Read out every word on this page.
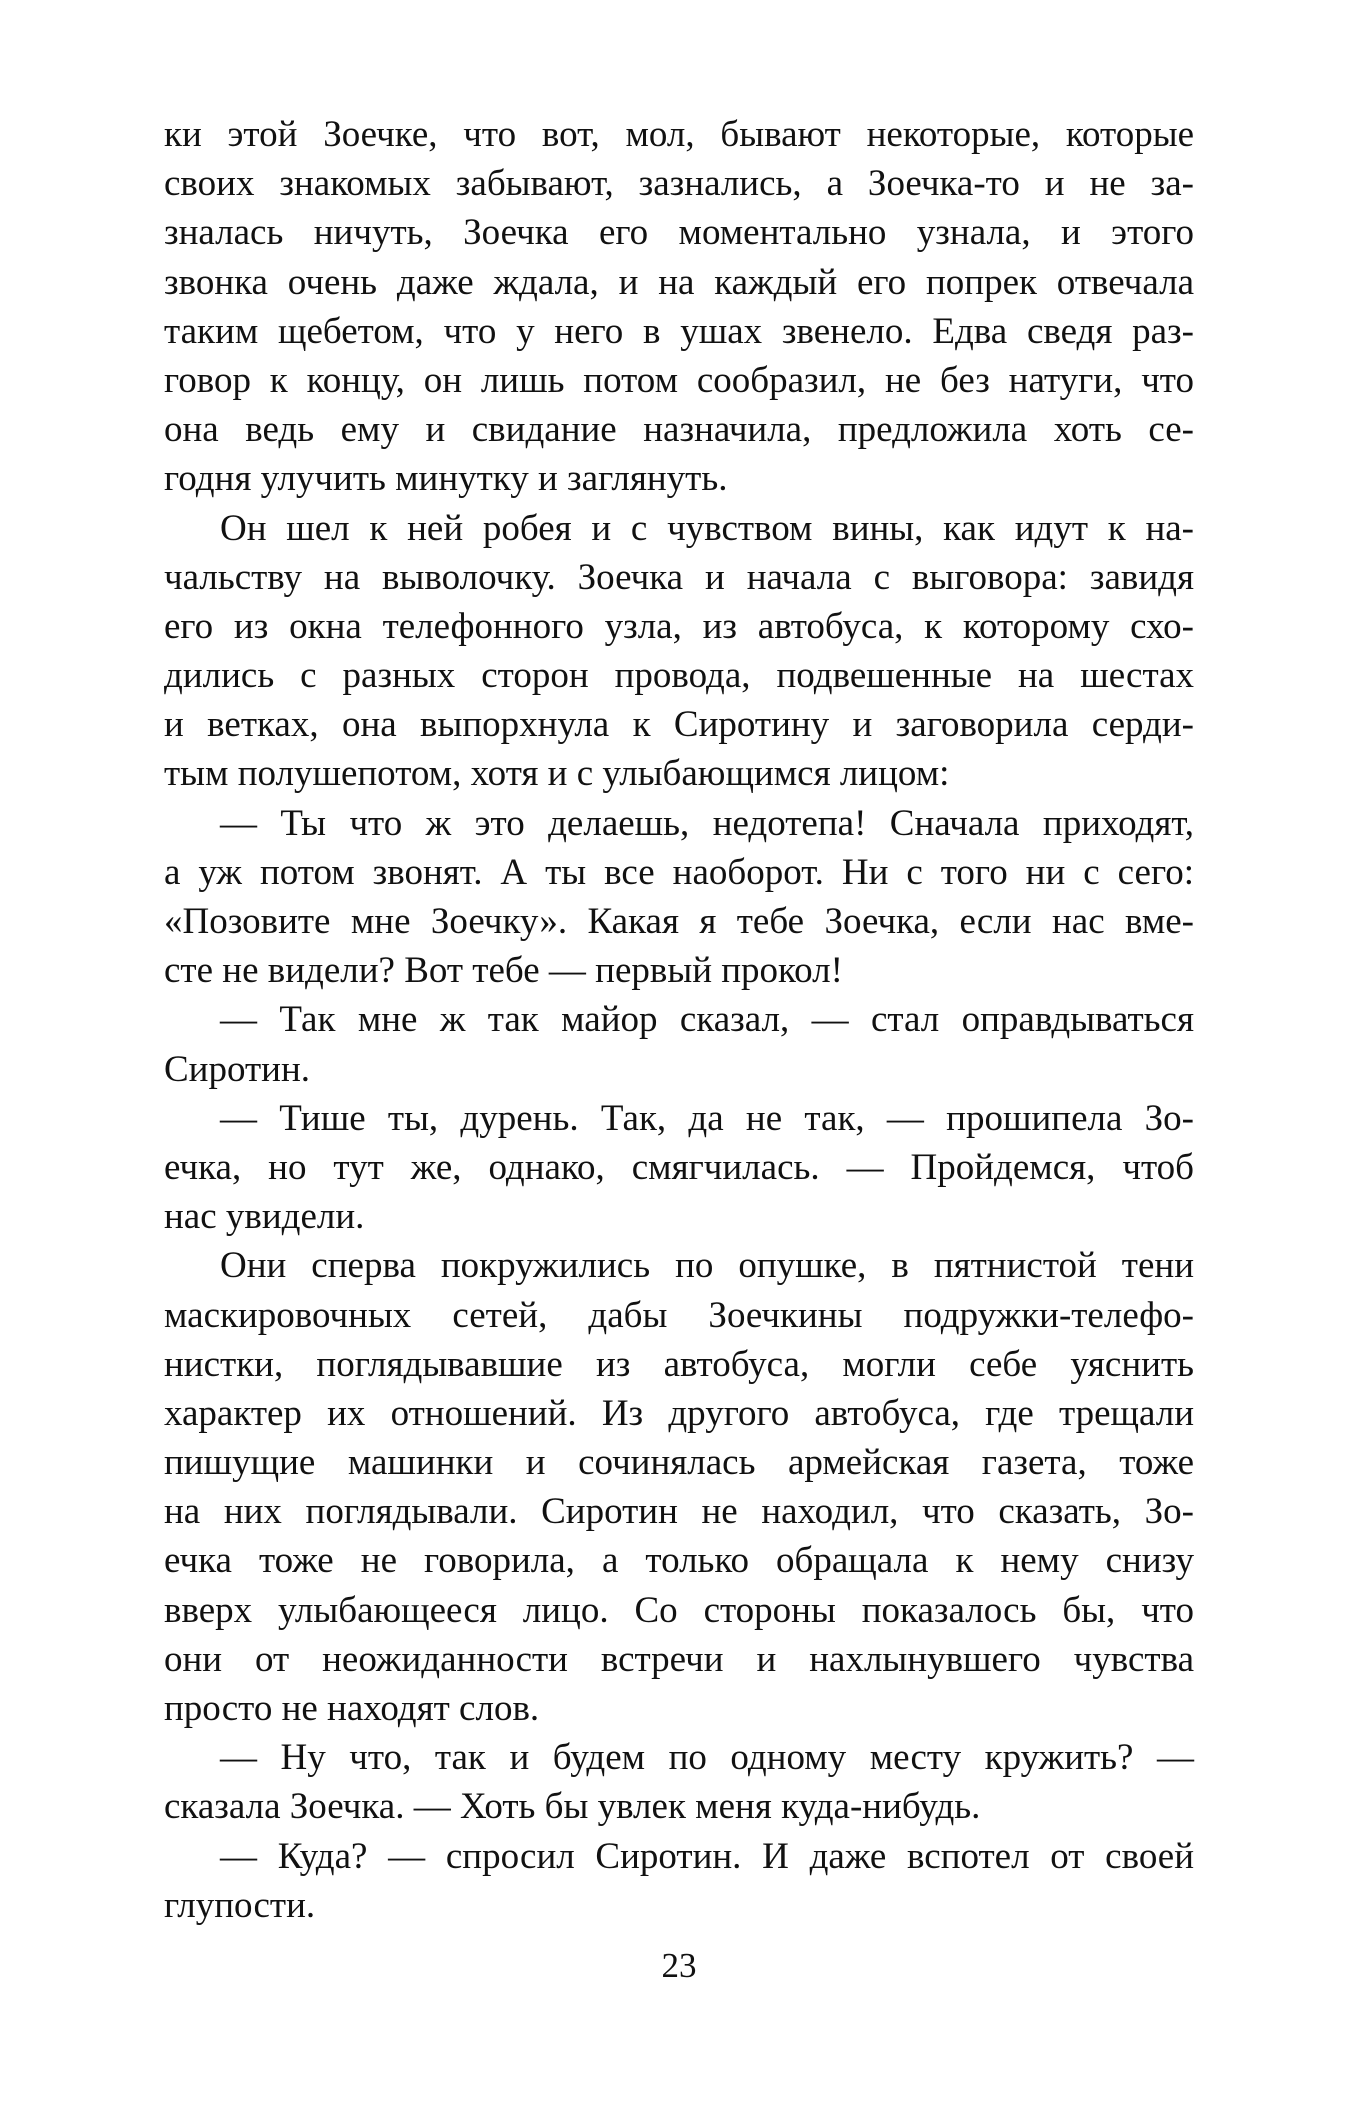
ки этой Зоечке, что вот, мол, бывают некоторые, которые
своих знакомых забывают, зазнались, а Зоечка-то и не за-
зналась ничуть, Зоечка его моментально узнала, и этого
звонка очень даже ждала, и на каждый его попрек отвечала
таким щебетом, что у него в ушах звенело. Едва сведя раз-
говор к концу, он лишь потом сообразил, не без натуги, что
она ведь ему и свидание назначила, предложила хоть се-
годня улучить минутку и заглянуть.
Он шел к ней робея и с чувством вины, как идут к на-
чальству на выволочку. Зоечка и начала с выговора: завидя
его из окна телефонного узла, из автобуса, к которому схо-
дились с разных сторон провода, подвешенные на шестах
и ветках, она выпорхнула к Сиротину и заговорила серди-
тым полушепотом, хотя и с улыбающимся лицом:
— Ты что ж это делаешь, недотепа! Сначала приходят,
а уж потом звонят. А ты все наоборот. Ни с того ни с сего:
«Позовите мне Зоечку». Какая я тебе Зоечка, если нас вме-
сте не видели? Вот тебе — первый прокол!
— Так мне ж так майор сказал, — стал оправдываться
Сиротин.
— Тише ты, дурень. Так, да не так, — прошипела Зо-
ечка, но тут же, однако, смягчилась. — Пройдемся, чтоб
нас увидели.
Они сперва покружились по опушке, в пятнистой тени
маскировочных сетей, дабы Зоечкины подружки-телефо-
нистки, поглядывавшие из автобуса, могли себе уяснить
характер их отношений. Из другого автобуса, где трещали
пишущие машинки и сочинялась армейская газета, тоже
на них поглядывали. Сиротин не находил, что сказать, Зо-
ечка тоже не говорила, а только обращала к нему снизу
вверх улыбающееся лицо. Со стороны показалось бы, что
они от неожиданности встречи и нахлынувшего чувства
просто не находят слов.
— Ну что, так и будем по одному месту кружить? —
сказала Зоечка. — Хоть бы увлек меня куда-нибудь.
— Куда? — спросил Сиротин. И даже вспотел от своей
глупости.
23
